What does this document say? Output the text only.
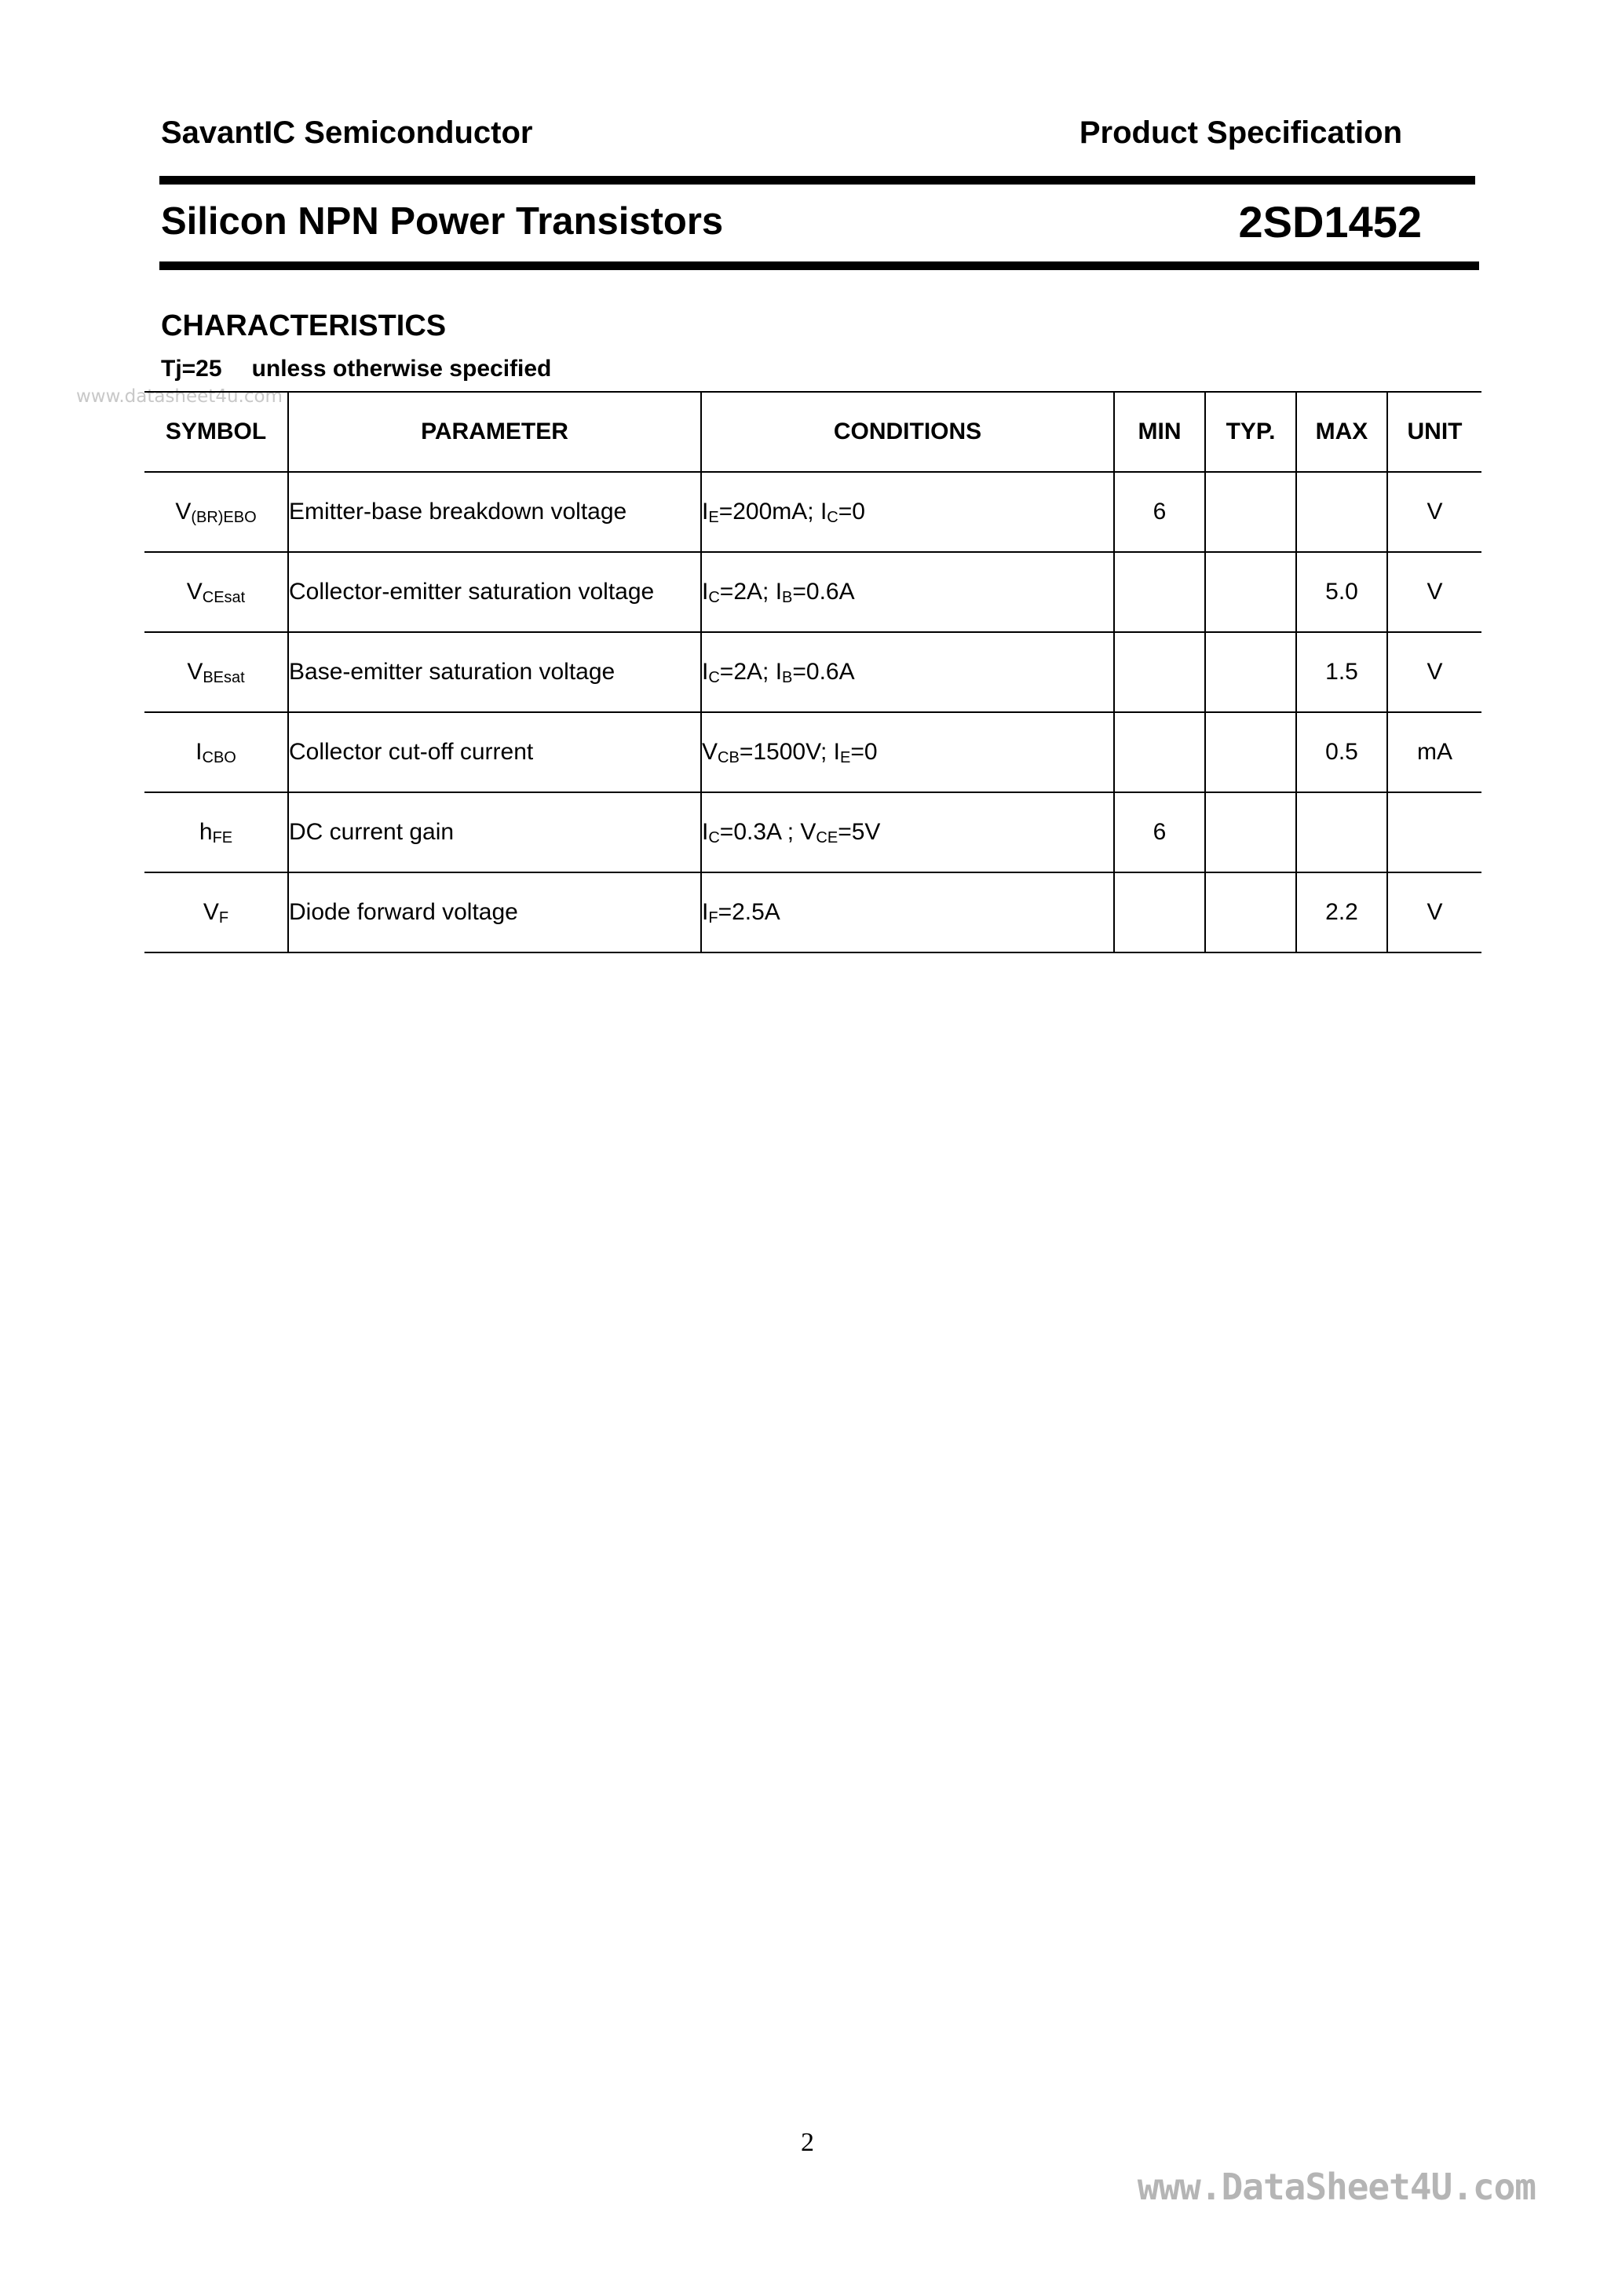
SavantIC Semiconductor	Product Specification
Silicon NPN Power Transistors	2SD1452
CHARACTERISTICS
Tj=25 unless otherwise specified
www.datasheet4u.com
SYMBOL	PARAMETER	CONDITIONS	MIN	TYP.	MAX	UNIT
$V_{(BR)EBO}$	Emitter-base breakdown voltage	$I_E=200mA$; $I_C=0$	6			V
$V_{CEsat}$	Collector-emitter saturation voltage	$I_C=2A$; $I_B=0.6A$			5.0	V
$V_{BEsat}$	Base-emitter saturation voltage	$I_C=2A$; $I_B=0.6A$			1.5	V
$I_{CBO}$	Collector cut-off current	$V_{CB}=1500V$; $I_E=0$			0.5	mA
$h_{FE}$	DC current gain	$I_C=0.3A$ ; $V_{CE}=5V$	6			
$V_F$	Diode forward voltage	$I_F=2.5A$			2.2	V
2
www.DataSheet4U.com
